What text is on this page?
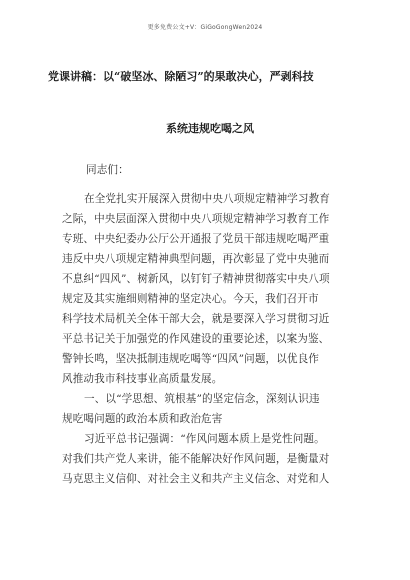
更多免费公文+V：GiGoGongWen2024
党课讲稿：以“破坚冰、除陋习”的果敢决心，严剥科技
系统违规吃喝之风
同志们：
在全党扎实开展深入贯彻中央八项规定精神学习教育
之际，中央层面深入贯彻中央八项规定精神学习教育工作
专班、中央纪委办公厅公开通报了党员干部违规吃喝严重
违反中央八项规定精神典型问题，再次彰显了党中央驰而
不息纠“四风”、树新风，以钉钉子精神贯彻落实中央八项
规定及其实施细则精神的坚定决心。今天，我们召开市
科学技术局机关全体干部大会，就是要深入学习贯彻习近
平总书记关于加强党的作风建设的重要论述，以案为鉴、
警钟长鸣，坚决抵制违规吃喝等“四风”问题，以优良作
风推动我市科技事业高质量发展。
一、以“学思想、筑根基”的坚定信念，深刻认识违
规吃喝问题的政治本质和政治危害
习近平总书记强调：“作风问题本质上是党性问题。
对我们共产党人来讲，能不能解决好作风问题，是衡量对
马克思主义信仰、对社会主义和共产主义信念、对党和人
